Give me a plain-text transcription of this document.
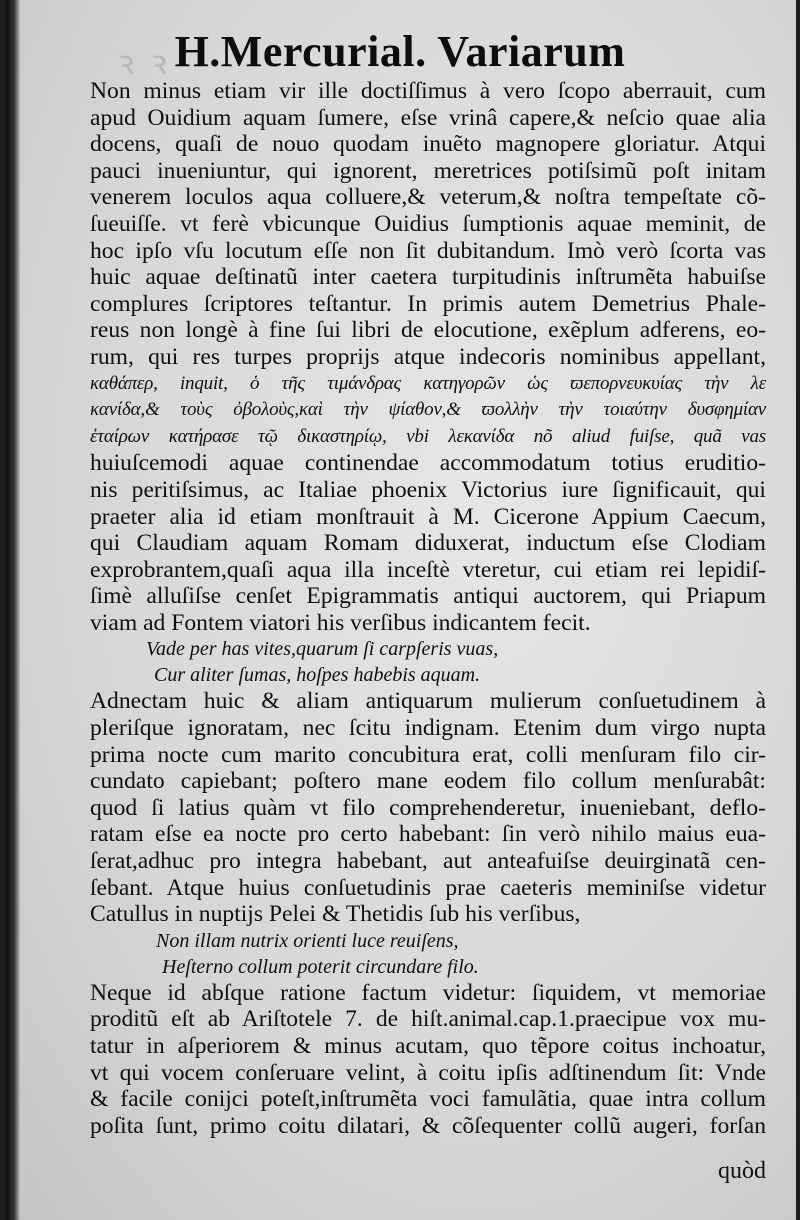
ꝛ ꝛ H.Mercurial. Variarum
Non minus etiam vir ille doctiſſimus à vero ſcopo aberrauit, cum
apud Ouidium aquam ſumere, eſse vrinâ capere,& neſcio quae alia
docens, quaſi de nouo quodam inuẽto magnopere gloriatur. Atqui
pauci inueniuntur, qui ignorent, meretrices potiſsimũ poſt initam
venerem loculos aqua colluere,& veterum,& noſtra tempeſtate cõ-
ſueuiſſe. vt ferè vbicunque Ouidius ſumptionis aquae meminit, de
hoc ipſo vſu locutum eſſe non ſit dubitandum. Imò verò ſcorta vas
huic aquae deſtinatũ inter caetera turpitudinis inſtrumẽta habuiſse
complures ſcriptores teſtantur. In primis autem Demetrius Phale-
reus non longè à fine ſui libri de elocutione, exẽplum adferens, eo-
rum, qui res turpes proprijs atque indecoris nominibus appellant,
καθάπερ, inquit, ὁ τῆς τιμάνδρας κατηγορῶν ὡς ϖεπορνευκυίας τὴν λε
κανίδα,& τοὺς ὀβολοὺς,καὶ τὴν ψίαθον,& ϖολλὴν τὴν τοιαύτην δυσφημίαν
ἑταίρων κατήρασε τῷ δικαστηρίῳ, vbi λεκανίδα nõ aliud fuiſse, quã vas
huiuſcemodi aquae continendae accommodatum totius eruditio-
nis peritiſsimus, ac Italiae phoenix Victorius iure ſignificauit, qui
praeter alia id etiam monſtrauit à M. Cicerone Appium Caecum,
qui Claudiam aquam Romam diduxerat, inductum eſse Clodiam
exprobrantem,quaſi aqua illa inceſtè vteretur, cui etiam rei lepidiſ-
ſimè alluſiſse cenſet Epigrammatis antiqui auctorem, qui Priapum
viam ad Fontem viatori his verſibus indicantem fecit.
Vade per has vites,quarum ſi carpſeris vuas,
Cur aliter ſumas, hoſpes habebis aquam.
Adnectam huic & aliam antiquarum mulierum conſuetudinem à
pleriſque ignoratam, nec ſcitu indignam. Etenim dum virgo nupta
prima nocte cum marito concubitura erat, colli menſuram filo cir-
cundato capiebant; poſtero mane eodem filo collum menſurabât:
quod ſi latius quàm vt filo comprehenderetur, inueniebant, deflo-
ratam eſse ea nocte pro certo habebant: ſin verò nihilo maius eua-
ſerat,adhuc pro integra habebant, aut anteafuiſse deuirginatã cen-
ſebant. Atque huius conſuetudinis prae caeteris meminiſse videtur
Catullus in nuptijs Pelei & Thetidis ſub his verſibus,
Non illam nutrix orienti luce reuiſens,
Heſterno collum poterit circundare filo.
Neque id abſque ratione factum videtur: ſiquidem, vt memoriae
proditũ eſt ab Ariſtotele 7. de hiſt.animal.cap.1.praecipue vox mu-
tatur in aſperiorem & minus acutam, quo tẽpore coitus inchoatur,
vt qui vocem conſeruare velint, à coitu ipſis adſtinendum ſit: Vnde
& facile conijci poteſt,inſtrumẽta voci famulãtia, quae intra collum
poſita ſunt, primo coitu dilatari, & cõſequenter collũ augeri, forſan
quòd
